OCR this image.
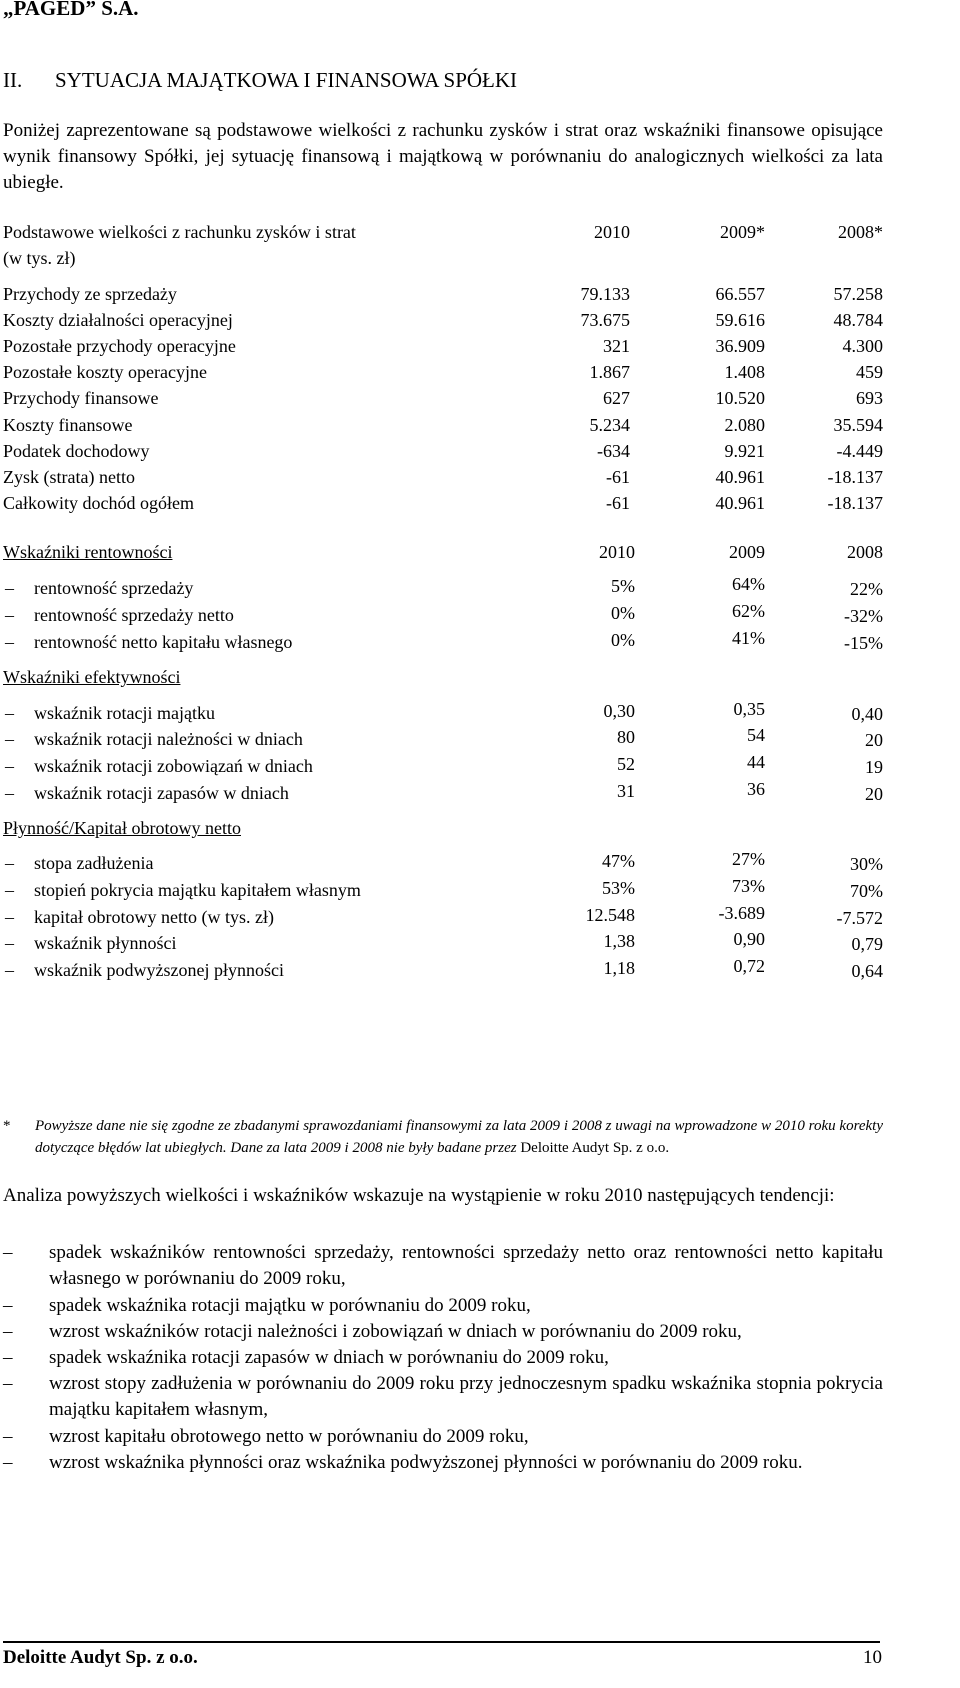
„PAGED” S.A.
II. SYTUACJA MAJĄTKOWA I FINANSOWA SPÓŁKI
Poniżej zaprezentowane są podstawowe wielkości z rachunku zysków i strat oraz wskaźniki finansowe opisujące wynik finansowy Spółki, jej sytuację finansową i majątkową w porównaniu do analogicznych wielkości za lata ubiegłe.
Podstawowe wielkości z rachunku zysków i strat
(w tys. zł)
2010	2009*	2008*
Przychody ze sprzedaży	79.133	66.557	57.258
Koszty działalności operacyjnej	73.675	59.616	48.784
Pozostałe przychody operacyjne	321	36.909	4.300
Pozostałe koszty operacyjne	1.867	1.408	459
Przychody finansowe	627	10.520	693
Koszty finansowe	5.234	2.080	35.594
Podatek dochodowy	-634	9.921	-4.449
Zysk (strata) netto	-61	40.961	-18.137
Całkowity dochód ogółem	-61	40.961	-18.137
Wskaźniki rentowności	2010	2009	2008
– rentowność sprzedaży	5%	64%	22%
– rentowność sprzedaży netto	0%	62%	-32%
– rentowność netto kapitału własnego	0%	41%	-15%
Wskaźniki efektywności
– wskaźnik rotacji majątku	0,30	0,35	0,40
– wskaźnik rotacji należności w dniach	80	54	20
– wskaźnik rotacji zobowiązań w dniach	52	44	19
– wskaźnik rotacji zapasów w dniach	31	36	20
Płynność/Kapitał obrotowy netto
– stopa zadłużenia	47%	27%	30%
– stopień pokrycia majątku kapitałem własnym	53%	73%	70%
– kapitał obrotowy netto (w tys. zł)	12.548	-3.689	-7.572
– wskaźnik płynności	1,38	0,90	0,79
– wskaźnik podwyższonej płynności	1,18	0,72	0,64
*	Powyższe dane nie się zgodne ze zbadanymi sprawozdaniami finansowymi za lata 2009 i 2008 z uwagi na wprowadzone w 2010 roku korekty dotyczące błędów lat ubiegłych. Dane za lata 2009 i 2008 nie były badane przez Deloitte Audyt Sp. z o.o.
Analiza powyższych wielkości i wskaźników wskazuje na wystąpienie w roku 2010 następujących tendencji:
– spadek wskaźników rentowności sprzedaży, rentowności sprzedaży netto oraz rentowności netto kapitału własnego w porównaniu do 2009 roku,
– spadek wskaźnika rotacji majątku w porównaniu do 2009 roku,
– wzrost wskaźników rotacji należności i zobowiązań w dniach w porównaniu do 2009 roku,
– spadek wskaźnika rotacji zapasów w dniach w porównaniu do 2009 roku,
– wzrost stopy zadłużenia w porównaniu do 2009 roku przy jednoczesnym spadku wskaźnika stopnia pokrycia majątku kapitałem własnym,
– wzrost kapitału obrotowego netto w porównaniu do 2009 roku,
– wzrost wskaźnika płynności oraz wskaźnika podwyższonej płynności w porównaniu do 2009 roku.
Deloitte Audyt Sp. z o.o.	10
